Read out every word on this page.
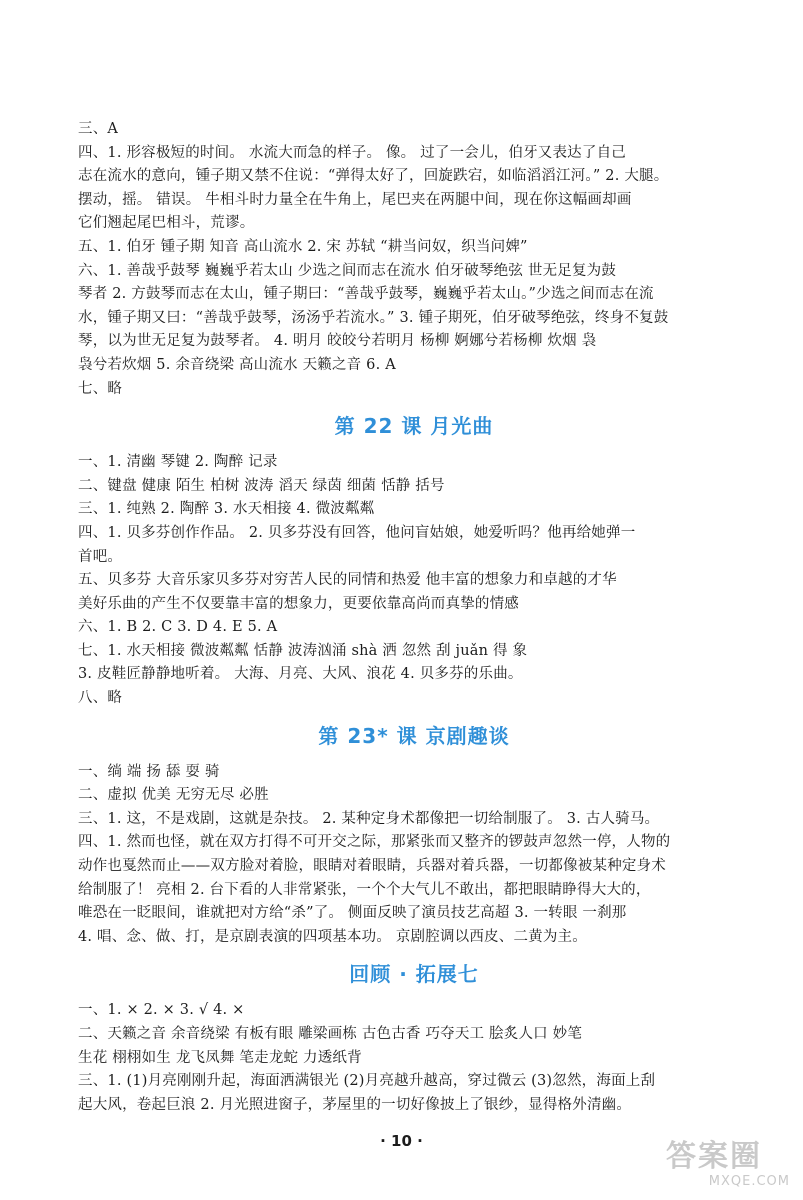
三、A
四、1. 形容极短的时间。 水流大而急的样子。 像。 过了一会儿，伯牙又表达了自己
志在流水的意向，锺子期又禁不住说：“弹得太好了，回旋跌宕，如临滔滔江河。” 2. 大腿。
摆动，摇。 错误。 牛相斗时力量全在牛角上，尾巴夹在两腿中间，现在你这幅画却画
它们翘起尾巴相斗，荒谬。
五、1. 伯牙 锺子期 知音 高山流水 2. 宋 苏轼 “耕当问奴，织当问婢”
六、1. 善哉乎鼓琴 巍巍乎若太山 少选之间而志在流水 伯牙破琴绝弦 世无足复为鼓
琴者 2. 方鼓琴而志在太山，锺子期曰：“善哉乎鼓琴，巍巍乎若太山。”少选之间而志在流
水，锺子期又曰：“善哉乎鼓琴，汤汤乎若流水。” 3. 锺子期死，伯牙破琴绝弦，终身不复鼓
琴，以为世无足复为鼓琴者。 4. 明月 皎皎兮若明月 杨柳 婀娜兮若杨柳 炊烟 袅
袅兮若炊烟 5. 余音绕梁 高山流水 天籁之音 6. A
七、略
第 22 课 月光曲
一、1. 清幽 琴键 2. 陶醉 记录
二、键盘 健康 陌生 柏树 波涛 滔天 绿茵 细菌 恬静 括号
三、1. 纯熟 2. 陶醉 3. 水天相接 4. 微波粼粼
四、1. 贝多芬创作作品。 2. 贝多芬没有回答，他问盲姑娘，她爱听吗？他再给她弹一
首吧。
五、贝多芬 大音乐家贝多芬对穷苦人民的同情和热爱 他丰富的想象力和卓越的才华
美好乐曲的产生不仅要靠丰富的想象力，更要依靠高尚而真挚的情感
六、1. B 2. C 3. D 4. E 5. A
七、1. 水天相接 微波粼粼 恬静 波涛汹涌 shà 洒 忽然 刮 juǎn 得 象
3. 皮鞋匠静静地听着。 大海、月亮、大风、浪花 4. 贝多芬的乐曲。
八、略
第 23* 课 京剧趣谈
一、绱 端 扬 舔 耍 骑
二、虚拟 优美 无穷无尽 必胜
三、1. 这，不是戏剧，这就是杂技。 2. 某种定身术都像把一切给制服了。 3. 古人骑马。
四、1. 然而也怪，就在双方打得不可开交之际，那紧张而又整齐的锣鼓声忽然一停，人物的
动作也戛然而止——双方脸对着脸，眼睛对着眼睛，兵器对着兵器，一切都像被某种定身术
给制服了！ 亮相 2. 台下看的人非常紧张，一个个大气儿不敢出，都把眼睛睁得大大的，
唯恐在一眨眼间，谁就把对方给“杀”了。 侧面反映了演员技艺高超 3. 一转眼 一刹那
4. 唱、念、做、打，是京剧表演的四项基本功。 京剧腔调以西皮、二黄为主。
回顾 · 拓展七
一、1. × 2. × 3. √ 4. ×
二、天籁之音 余音绕梁 有板有眼 雕梁画栋 古色古香 巧夺天工 脍炙人口 妙笔
生花 栩栩如生 龙飞凤舞 笔走龙蛇 力透纸背
三、1. (1)月亮刚刚升起，海面洒满银光 (2)月亮越升越高，穿过微云 (3)忽然，海面上刮
起大风，卷起巨浪 2. 月光照进窗子，茅屋里的一切好像披上了银纱，显得格外清幽。
· 10 ·	答案圈
MXQE.COM
